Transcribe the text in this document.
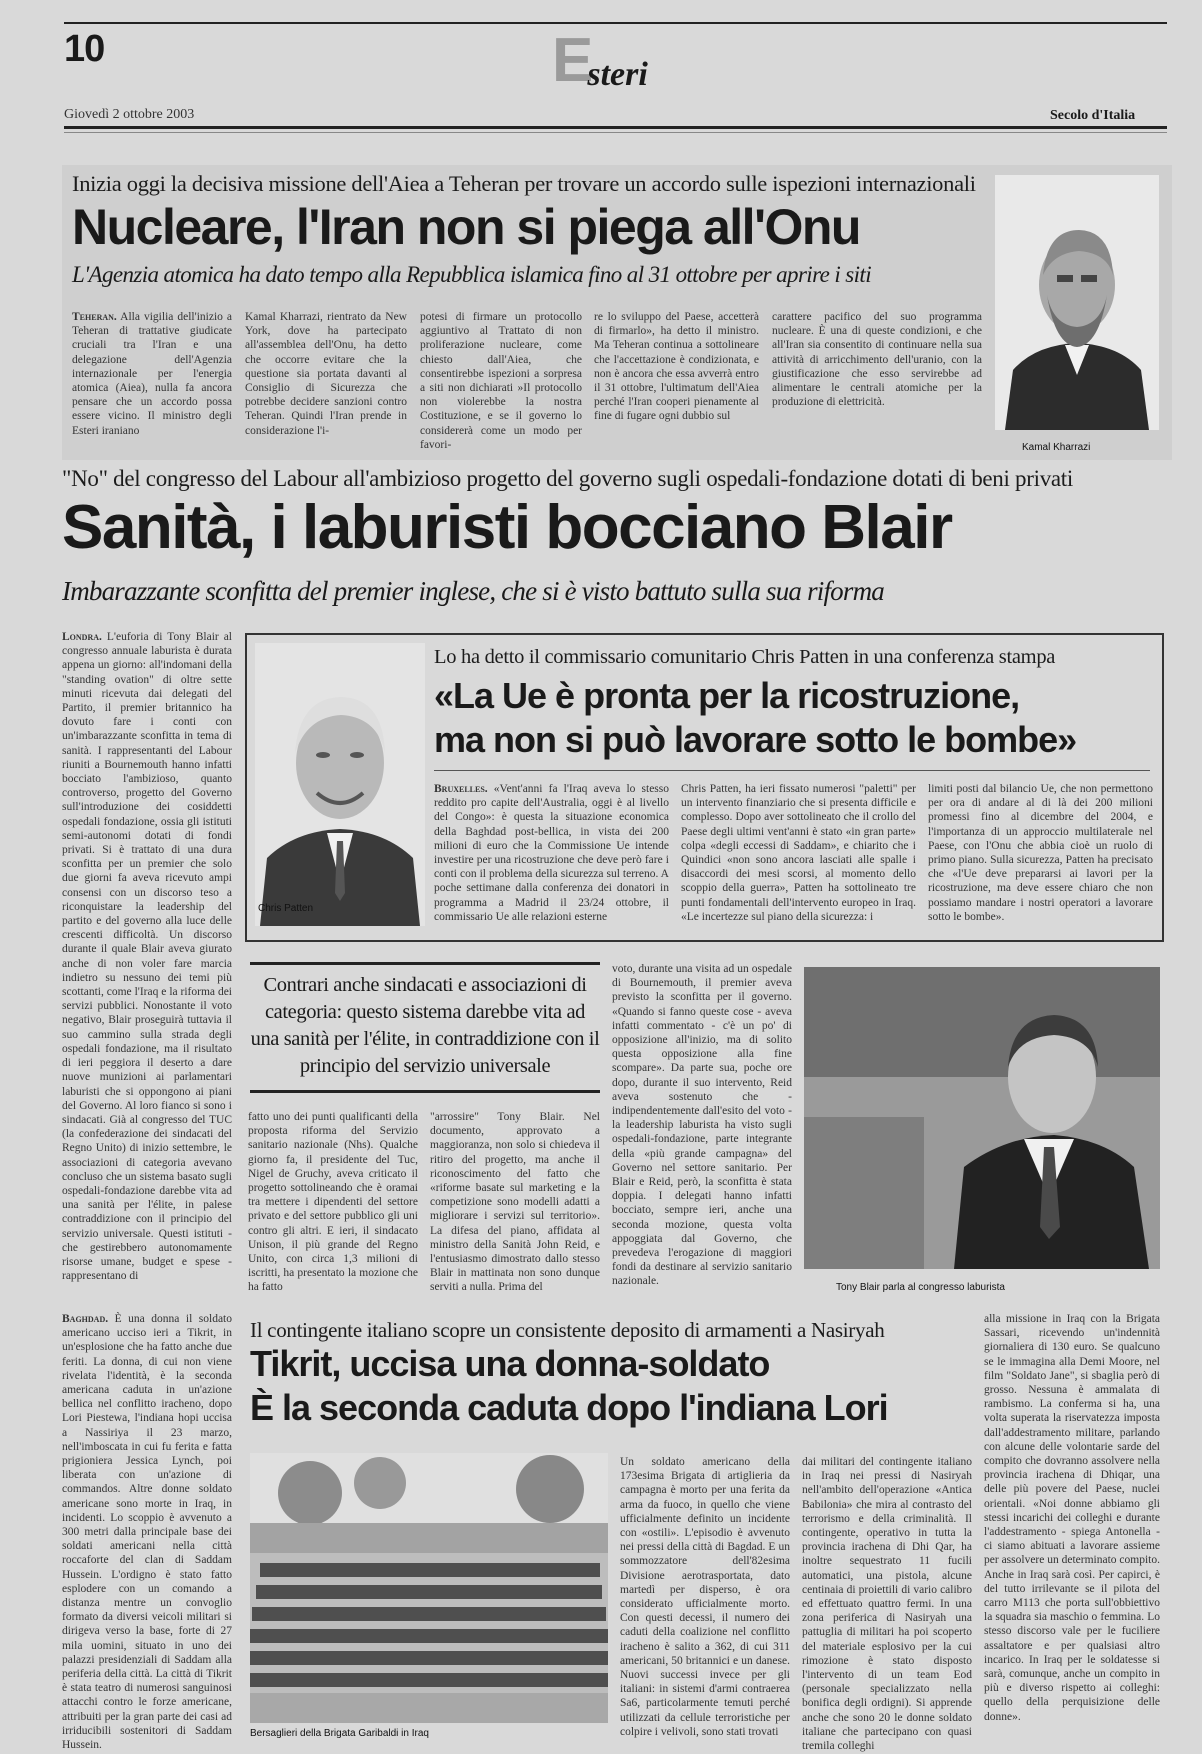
10	Esteri
Giovedì 2 ottobre 2003	Secolo d'Italia
Inizia oggi la decisiva missione dell'Aiea a Teheran per trovare un accordo sulle ispezioni internazionali
Nucleare, l'Iran non si piega all'Onu
L'Agenzia atomica ha dato tempo alla Repubblica islamica fino al 31 ottobre per aprire i siti
Teheran. Alla vigilia dell'inizio a Teheran di trattative giudicate cruciali tra l'Iran e una delegazione dell'Agenzia internazionale per l'energia atomica (Aiea), nulla fa ancora pensare che un accordo possa essere vicino. Il ministro degli Esteri iraniano
Kamal Kharrazi, rientrato da New York, dove ha partecipato all'assemblea dell'Onu, ha detto che occorre evitare che la questione sia portata davanti al Consiglio di Sicurezza che potrebbe decidere sanzioni contro Teheran. Quindi l'Iran prende in considerazione l'i-
potesi di firmare un protocollo aggiuntivo al Trattato di non proliferazione nucleare, come chiesto dall'Aiea, che consentirebbe ispezioni a sorpresa a siti non dichiarati »Il protocollo non violerebbe la nostra Costituzione, e se il governo lo considererà come un modo per favori-
re lo sviluppo del Paese, accetterà di firmarlo», ha detto il ministro. Ma Teheran continua a sottolineare che l'accettazione è condizionata, e non è ancora che essa avverrà entro il 31 ottobre, l'ultimatum dell'Aiea perché l'Iran cooperi pienamente al fine di fugare ogni dubbio sul
carattere pacifico del suo programma nucleare. È una di queste condizioni, e che all'Iran sia consentito di continuare nella sua attività di arricchimento dell'uranio, con la giustificazione che esso servirebbe ad alimentare le centrali atomiche per la produzione di elettricità.
Kamal Kharrazi
"No" del congresso del Labour all'ambizioso progetto del governo sugli ospedali-fondazione dotati di beni privati
Sanità, i laburisti bocciano Blair
Imbarazzante sconfitta del premier inglese, che si è visto battuto sulla sua riforma
Londra. L'euforia di Tony Blair al congresso annuale laburista è durata appena un giorno: all'indomani della "standing ovation" di oltre sette minuti ricevuta dai delegati del Partito, il premier britannico ha dovuto fare i conti con un'imbarazzante sconfitta in tema di sanità. I rappresentanti del Labour riuniti a Bournemouth hanno infatti bocciato l'ambizioso, quanto controverso, progetto del Governo sull'introduzione dei cosiddetti ospedali fondazione, ossia gli istituti semi-autonomi dotati di fondi privati. Si è trattato di una dura sconfitta per un premier che solo due giorni fa aveva ricevuto ampi consensi con un discorso teso a riconquistare la leadership del partito e del governo alla luce delle crescenti difficoltà. Un discorso durante il quale Blair aveva giurato anche di non voler fare marcia indietro su nessuno dei temi più scottanti, come l'Iraq e la riforma dei servizi pubblici. Nonostante il voto negativo, Blair proseguirà tuttavia il suo cammino sulla strada degli ospedali fondazione, ma il risultato di ieri peggiora il deserto a dare nuove munizioni ai parlamentari laburisti che si oppongono ai piani del Governo. Al loro fianco si sono i sindacati. Già al congresso del TUC (la confederazione dei sindacati del Regno Unito) di inizio settembre, le associazioni di categoria avevano concluso che un sistema basato sugli ospedali-fondazione darebbe vita ad una sanità per l'élite, in palese contraddizione con il principio del servizio universale. Questi istituti - che gestirebbero autonomamente risorse umane, budget e spese - rappresentano di
Chris Patten
Lo ha detto il commissario comunitario Chris Patten in una conferenza stampa
«La Ue è pronta per la ricostruzione,
ma non si può lavorare sotto le bombe»
Bruxelles. «Vent'anni fa l'Iraq aveva lo stesso reddito pro capite dell'Australia, oggi è al livello del Congo»: è questa la situazione economica della Baghdad post-bellica, in vista dei 200 milioni di euro che la Commissione Ue intende investire per una ricostruzione che deve però fare i conti con il problema della sicurezza sul terreno. A poche settimane dalla conferenza dei donatori in programma a Madrid il 23/24 ottobre, il commissario Ue alle relazioni esterne
Chris Patten, ha ieri fissato numerosi "paletti" per un intervento finanziario che si presenta difficile e complesso. Dopo aver sottolineato che il crollo del Paese degli ultimi vent'anni è stato «in gran parte» colpa «degli eccessi di Saddam», e chiarito che i Quindici «non sono ancora lasciati alle spalle i disaccordi dei mesi scorsi, al momento dello scoppio della guerra», Patten ha sottolineato tre punti fondamentali dell'intervento europeo in Iraq. «Le incertezze sul piano della sicurezza: i
limiti posti dal bilancio Ue, che non permettono per ora di andare al di là dei 200 milioni promessi fino al dicembre del 2004, e l'importanza di un approccio multilaterale nel Paese, con l'Onu che abbia cioè un ruolo di primo piano. Sulla sicurezza, Patten ha precisato che «l'Ue deve prepararsi ai lavori per la ricostruzione, ma deve essere chiaro che non possiamo mandare i nostri operatori a lavorare sotto le bombe».
Contrari anche sindacati e associazioni di categoria: questo sistema darebbe vita ad una sanità per l'élite, in contraddizione con il principio del servizio universale
fatto uno dei punti qualificanti della proposta riforma del Servizio sanitario nazionale (Nhs). Qualche giorno fa, il presidente del Tuc, Nigel de Gruchy, aveva criticato il progetto sottolineando che è oramai tra mettere i dipendenti del settore privato e del settore pubblico gli uni contro gli altri. E ieri, il sindacato Unison, il più grande del Regno Unito, con circa 1,3 milioni di iscritti, ha presentato la mozione che ha fatto
"arrossire" Tony Blair. Nel documento, approvato a maggioranza, non solo si chiedeva il ritiro del progetto, ma anche il riconoscimento del fatto che «riforme basate sul marketing e la competizione sono modelli adatti a migliorare i servizi sul territorio». La difesa del piano, affidata al ministro della Sanità John Reid, e l'entusiasmo dimostrato dallo stesso Blair in mattinata non sono dunque serviti a nulla. Prima del
voto, durante una visita ad un ospedale di Bournemouth, il premier aveva previsto la sconfitta per il governo. «Quando si fanno queste cose - aveva infatti commentato - c'è un po' di opposizione all'inizio, ma di solito questa opposizione alla fine scompare». Da parte sua, poche ore dopo, durante il suo intervento, Reid aveva sostenuto che - indipendentemente dall'esito del voto - la leadership laburista ha visto sugli ospedali-fondazione, parte integrante della «più grande campagna» del Governo nel settore sanitario. Per Blair e Reid, però, la sconfitta è stata doppia. I delegati hanno infatti bocciato, sempre ieri, anche una seconda mozione, questa volta appoggiata dal Governo, che prevedeva l'erogazione di maggiori fondi da destinare al servizio sanitario nazionale.
Tony Blair parla al congresso laburista
Baghdad. È una donna il soldato americano ucciso ieri a Tikrit, in un'esplosione che ha fatto anche due feriti. La donna, di cui non viene rivelata l'identità, è la seconda americana caduta in un'azione bellica nel conflitto iracheno, dopo Lori Piestewa, l'indiana hopi uccisa a Nassiriya il 23 marzo, nell'imboscata in cui fu ferita e fatta prigioniera Jessica Lynch, poi liberata con un'azione di commandos. Altre donne soldato americane sono morte in Iraq, in incidenti. Lo scoppio è avvenuto a 300 metri dalla principale base dei soldati americani nella città roccaforte del clan di Saddam Hussein. L'ordigno è stato fatto esplodere con un comando a distanza mentre un convoglio formato da diversi veicoli militari si dirigeva verso la base, forte di 27 mila uomini, situato in uno dei palazzi presidenziali di Saddam alla periferia della città. La città di Tikrit è stata teatro di numerosi sanguinosi attacchi contro le forze americane, attribuiti per la gran parte dei casi ad irriducibili sostenitori di Saddam Hussein.
Il contingente italiano scopre un consistente deposito di armamenti a Nasiryah
Tikrit, uccisa una donna-soldato
È la seconda caduta dopo l'indiana Lori
Bersaglieri della Brigata Garibaldi in Iraq
Un soldato americano della 173esima Brigata di artiglieria da campagna è morto per una ferita da arma da fuoco, in quello che viene ufficialmente definito un incidente con «ostili». L'episodio è avvenuto nei pressi della città di Bagdad. E un sommozzatore dell'82esima Divisione aerotrasportata, dato martedì per disperso, è ora considerato ufficialmente morto. Con questi decessi, il numero dei caduti della coalizione nel conflitto iracheno è salito a 362, di cui 311 americani, 50 britannici e un danese. Nuovi successi invece per gli italiani: in sistemi d'armi contraerea Sa6, particolarmente temuti perché utilizzati da cellule terroristiche per colpire i velivoli, sono stati trovati
dai militari del contingente italiano in Iraq nei pressi di Nasiryah nell'ambito dell'operazione «Antica Babilonia» che mira al contrasto del terrorismo e della criminalità. Il contingente, operativo in tutta la provincia irachena di Dhi Qar, ha inoltre sequestrato 11 fucili automatici, una pistola, alcune centinaia di proiettili di vario calibro ed effettuato quattro fermi. In una zona periferica di Nasiryah una pattuglia di militari ha poi scoperto del materiale esplosivo per la cui rimozione è stato disposto l'intervento di un team Eod (personale specializzato nella bonifica degli ordigni). Si apprende anche che sono 20 le donne soldato italiane che partecipano con quasi tremila colleghi
alla missione in Iraq con la Brigata Sassari, ricevendo un'indennità giornaliera di 130 euro. Se qualcuno se le immagina alla Demi Moore, nel film "Soldato Jane", si sbaglia però di grosso. Nessuna è ammalata di rambismo. La conferma si ha, una volta superata la riservatezza imposta dall'addestramento militare, parlando con alcune delle volontarie sarde del compito che dovranno assolvere nella provincia irachena di Dhiqar, una delle più povere del Paese, nuclei orientali. «Noi donne abbiamo gli stessi incarichi dei colleghi e durante l'addestramento - spiega Antonella - ci siamo abituati a lavorare assieme per assolvere un determinato compito. Anche in Iraq sarà così. Per capirci, è del tutto irrilevante se il pilota del carro M113 che porta sull'obbiettivo la squadra sia maschio o femmina. Lo stesso discorso vale per le fuciliere assaltatore e per qualsiasi altro incarico. In Iraq per le soldatesse si sarà, comunque, anche un compito in più e diverso rispetto ai colleghi: quello della perquisizione delle donne».
